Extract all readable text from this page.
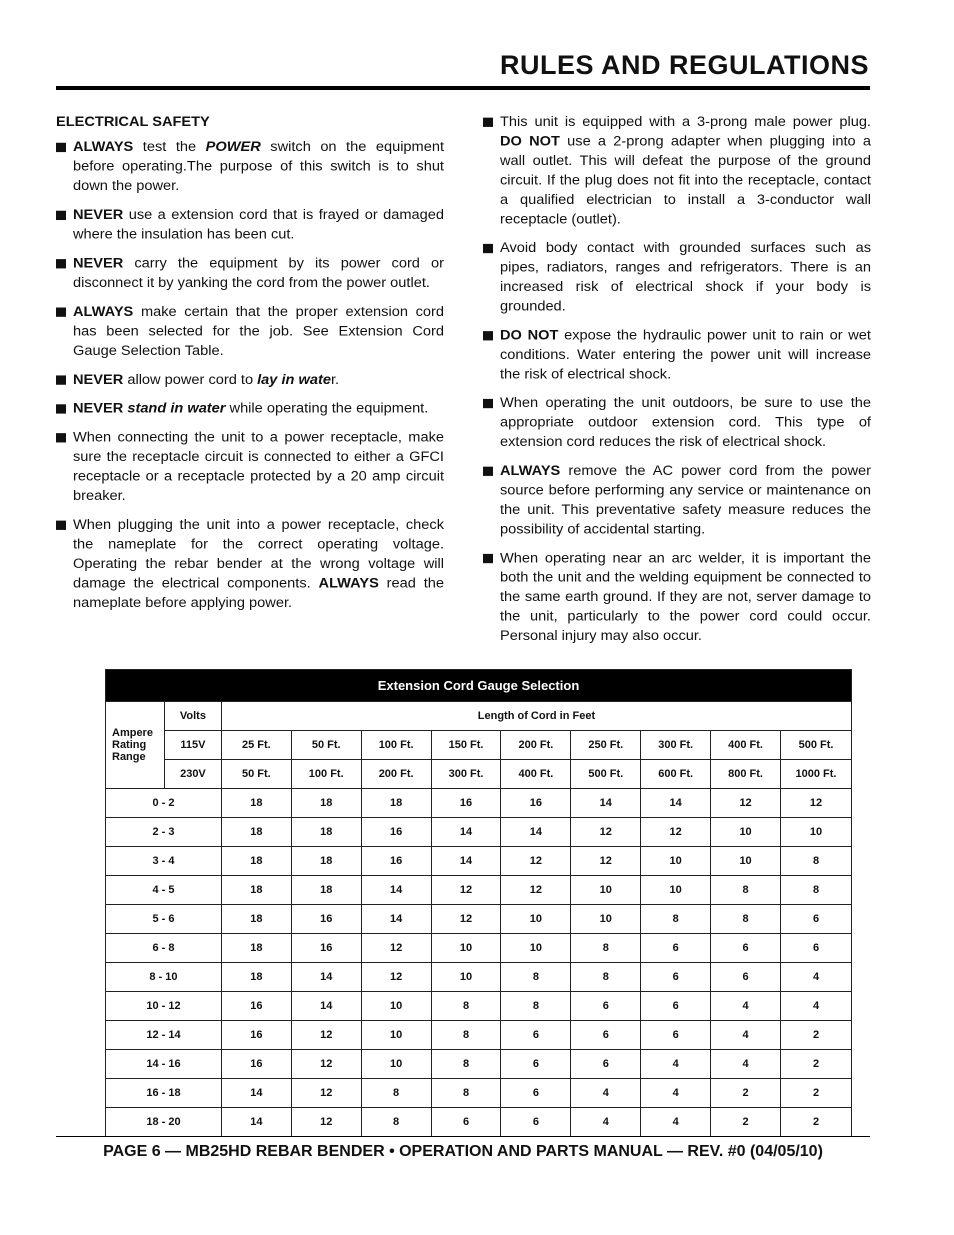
RULES AND REGULATIONS
ELECTRICAL SAFETY
ALWAYS test the POWER switch on the equipment before operating.The purpose of this switch is to shut down the power.
NEVER use a extension cord that is frayed or damaged where the insulation has been cut.
NEVER carry the equipment by its power cord or disconnect it by yanking the cord from the power outlet.
ALWAYS make certain that the proper extension cord has been selected for the job. See Extension Cord Gauge Selection Table.
NEVER allow power cord to lay in water.
NEVER stand in water while operating the equipment.
When connecting the unit to a power receptacle, make sure the receptacle circuit is connected to either a GFCI receptacle or a receptacle protected by a 20 amp circuit breaker.
When plugging the unit into a power receptacle, check the nameplate for the correct operating voltage. Operating the rebar bender at the wrong voltage will damage the electrical components. ALWAYS read the nameplate before applying power.
This unit is equipped with a 3-prong male power plug. DO NOT use a 2-prong adapter when plugging into a wall outlet. This will defeat the purpose of the ground circuit. If the plug does not fit into the receptacle, contact a qualified electrician to install a 3-conductor wall receptacle (outlet).
Avoid body contact with grounded surfaces such as pipes, radiators, ranges and refrigerators. There is an increased risk of electrical shock if your body is grounded.
DO NOT expose the hydraulic power unit to rain or wet conditions. Water entering the power unit will increase the risk of electrical shock.
When operating the unit outdoors, be sure to use the appropriate outdoor extension cord. This type of extension cord reduces the risk of electrical shock.
ALWAYS remove the AC power cord from the power source before performing any service or maintenance on the unit. This preventative safety measure reduces the possibility of accidental starting.
When operating near an arc welder, it is important the both the unit and the welding equipment be connected to the same earth ground. If they are not, server damage to the unit, particularly to the power cord could occur. Personal injury may also occur.
Extension Cord Gauge Selection										
Ampere Rating Range	Volts	Length of Cord in Feet								
	115V	25 Ft.	50 Ft.	100 Ft.	150 Ft.	200 Ft.	250 Ft.	300 Ft.	400 Ft.	500 Ft.
	230V	50 Ft.	100 Ft.	200 Ft.	300 Ft.	400 Ft.	500 Ft.	600 Ft.	800 Ft.	1000 Ft.
0 - 2		18	18	18	16	16	14	14	12	12
2 - 3		18	18	16	14	14	12	12	10	10
3 - 4		18	18	16	14	12	12	10	10	8
4 - 5		18	18	14	12	12	10	10	8	8
5 - 6		18	16	14	12	10	10	8	8	6
6 - 8		18	16	12	10	10	8	6	6	6
8 - 10		18	14	12	10	8	8	6	6	4
10 - 12		16	14	10	8	8	6	6	4	4
12 - 14		16	12	10	8	6	6	6	4	2
14 - 16		16	12	10	8	6	6	4	4	2
16 - 18		14	12	8	8	6	4	4	2	2
18 - 20		14	12	8	6	6	4	4	2	2
PAGE 6 — MB25HD REBAR BENDER • OPERATION AND PARTS MANUAL — REV. #0 (04/05/10)
